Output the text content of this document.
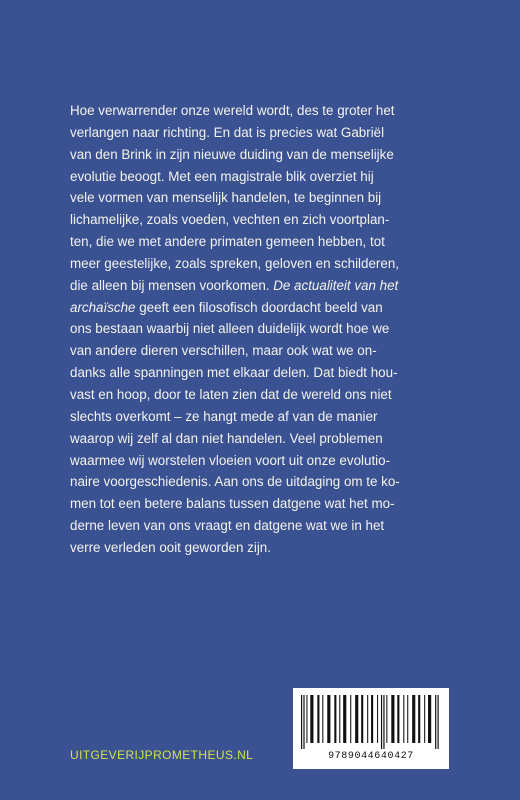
Hoe verwarrender onze wereld wordt, des te groter het
verlangen naar richting. En dat is precies wat Gabriël
van den Brink in zijn nieuwe duiding van de menselijke
evolutie beoogt. Met een magistrale blik overziet hij
vele vormen van menselijk handelen, te beginnen bij
lichamelijke, zoals voeden, vechten en zich voortplan-
ten, die we met andere primaten gemeen hebben, tot
meer geestelijke, zoals spreken, geloven en schilderen,
die alleen bij mensen voorkomen. De actualiteit van het
archaïsche geeft een filosofisch doordacht beeld van
ons bestaan waarbij niet alleen duidelijk wordt hoe we
van andere dieren verschillen, maar ook wat we on-
danks alle spanningen met elkaar delen. Dat biedt hou-
vast en hoop, door te laten zien dat de wereld ons niet
slechts overkomt – ze hangt mede af van de manier
waarop wij zelf al dan niet handelen. Veel problemen
waarmee wij worstelen vloeien voort uit onze evolutio-
naire voorgeschiedenis. Aan ons de uitdaging om te ko-
men tot een betere balans tussen datgene wat het mo-
derne leven van ons vraagt en datgene wat we in het
verre verleden ooit geworden zijn.
9789044640427
UITGEVERIJPROMETHEUS.NL
